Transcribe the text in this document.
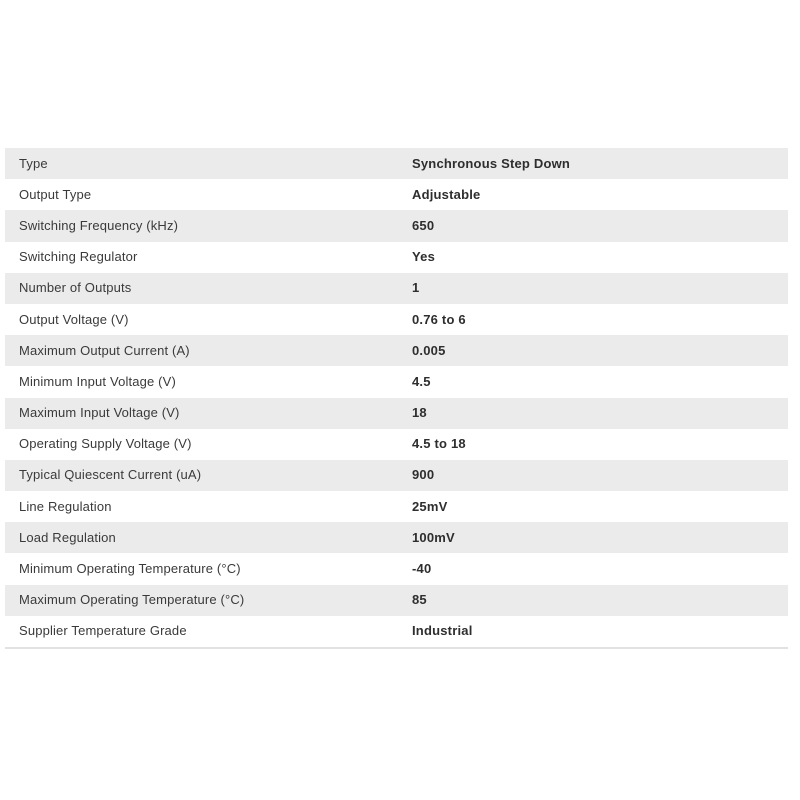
Type	Synchronous Step Down
Output Type	Adjustable
Switching Frequency (kHz)	650
Switching Regulator	Yes
Number of Outputs	1
Output Voltage (V)	0.76 to 6
Maximum Output Current (A)	0.005
Minimum Input Voltage (V)	4.5
Maximum Input Voltage (V)	18
Operating Supply Voltage (V)	4.5 to 18
Typical Quiescent Current (uA)	900
Line Regulation	25mV
Load Regulation	100mV
Minimum Operating Temperature (°C)	-40
Maximum Operating Temperature (°C)	85
Supplier Temperature Grade	Industrial
